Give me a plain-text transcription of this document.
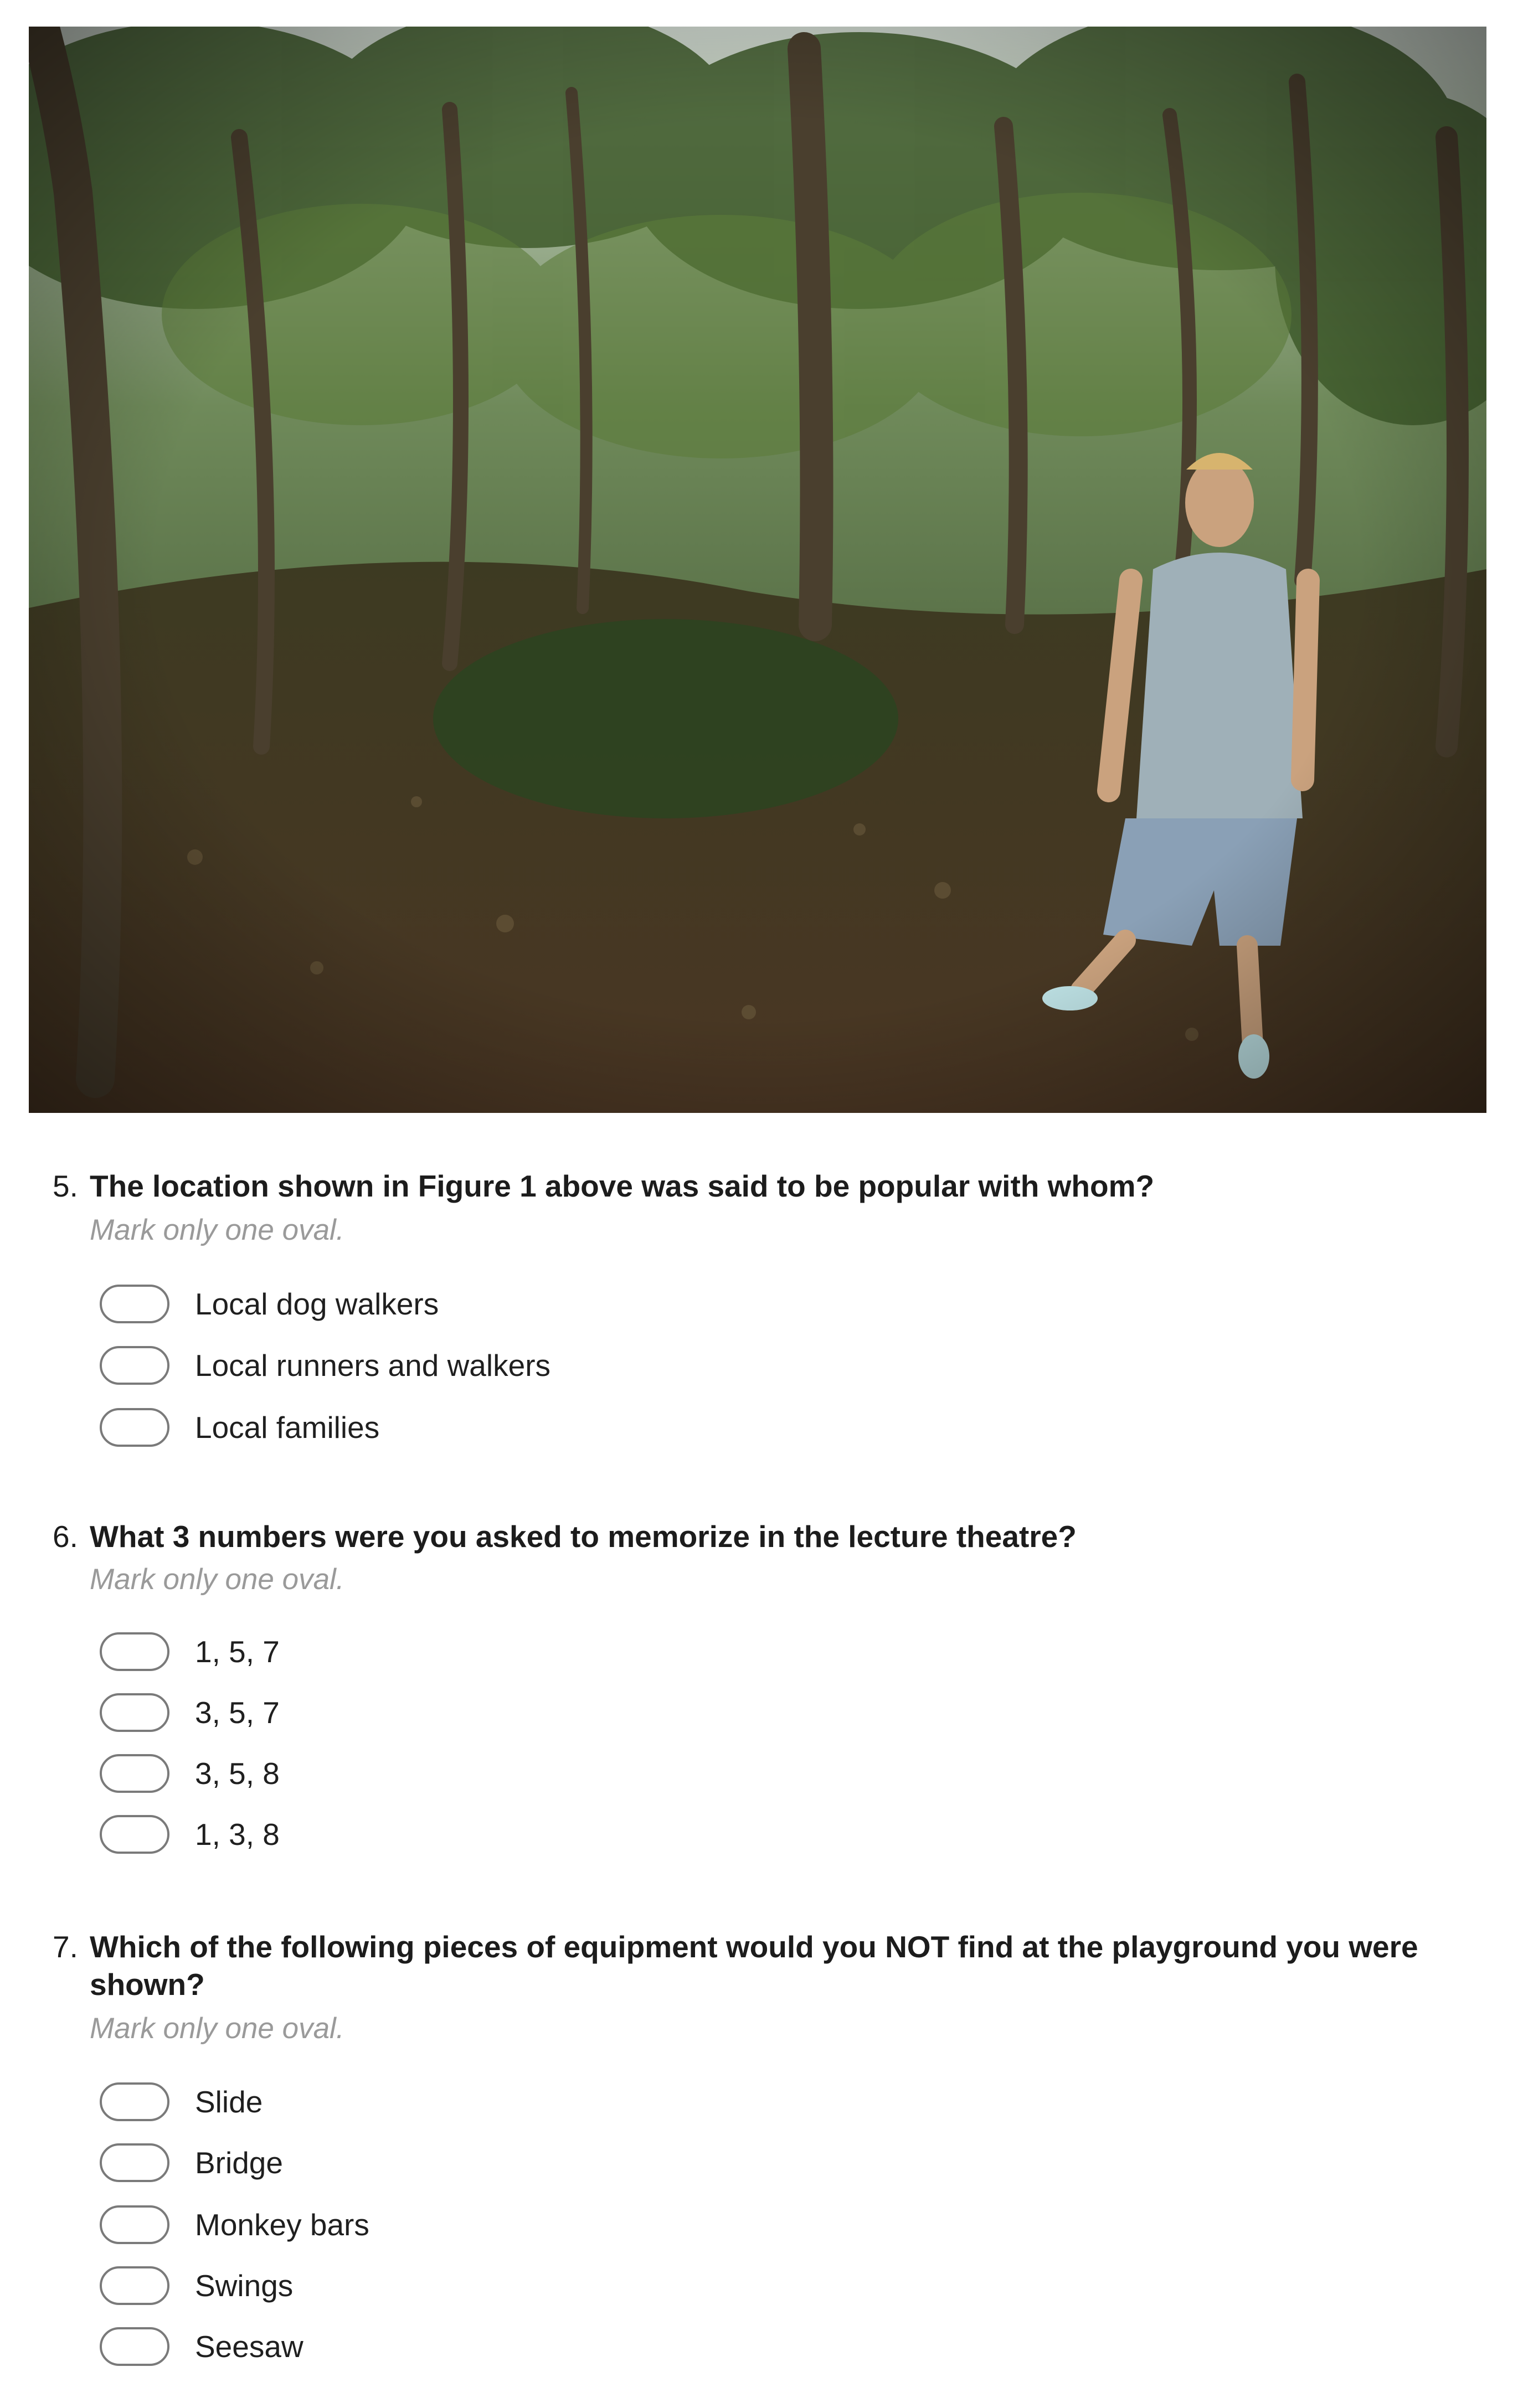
5. The location shown in Figure 1 above was said to be popular with whom?
Mark only one oval.
Local dog walkers
Local runners and walkers
Local families
6. What 3 numbers were you asked to memorize in the lecture theatre?
Mark only one oval.
1, 5, 7
3, 5, 7
3, 5, 8
1, 3, 8
7. Which of the following pieces of equipment would you NOT find at the playground you were shown?
Mark only one oval.
Slide
Bridge
Monkey bars
Swings
Seesaw
